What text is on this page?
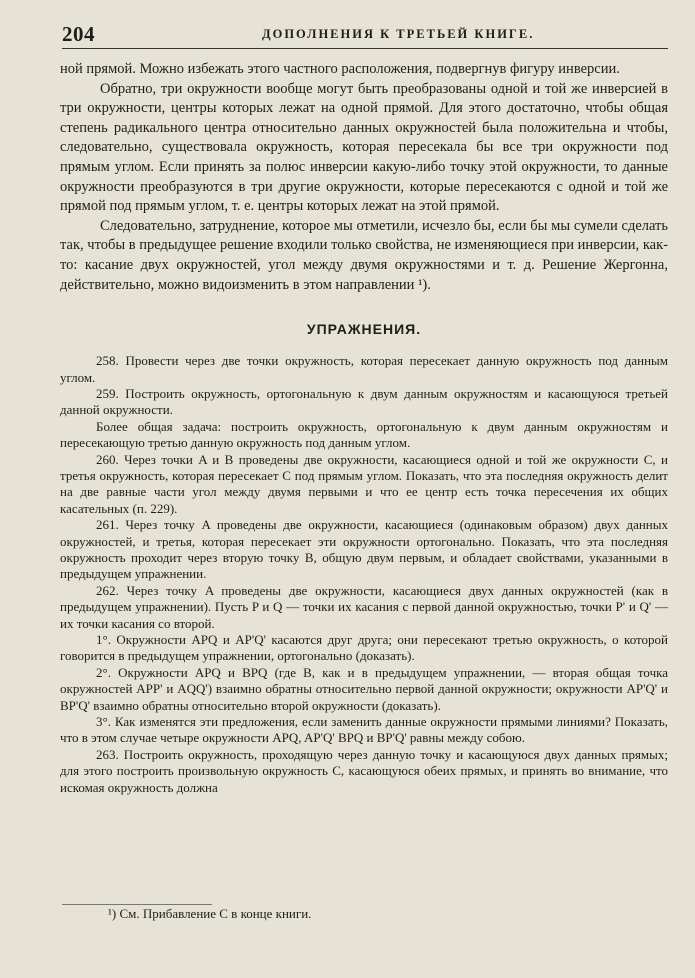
204	ДОПОЛНЕНИЯ К ТРЕТЬЕЙ КНИГЕ.

ной прямой. Можно избежать этого частного расположения, подвергнув фигуру инверсии.

Обратно, три окружности вообще могут быть преобразованы одной и той же инверсией в три окружности, центры которых лежат на одной прямой. Для этого достаточно, чтобы общая степень радикального центра относительно данных окружностей была положительна и чтобы, следовательно, существовала окружность, которая пересекала бы все три окружности под прямым углом. Если принять за полюс инверсии какую-либо точку этой окружности, то данные окружности преобразуются в три другие окружности, которые пересекаются с одной и той же прямой под прямым углом, т. е. центры которых лежат на этой прямой.

Следовательно, затруднение, которое мы отметили, исчезло бы, если бы мы сумели сделать так, чтобы в предыдущее решение входили только свойства, не изменяющиеся при инверсии, как-то: касание двух окружностей, угол между двумя окружностями и т. д. Решение Жергонна, действительно, можно видоизменить в этом направлении ¹).

УПРАЖНЕНИЯ.

258. Провести через две точки окружность, которая пересекает данную окружность под данным углом.

259. Построить окружность, ортогональную к двум данным окружностям и касающуюся третьей данной окружности.

Более общая задача: построить окружность, ортогональную к двум данным окружностям и пересекающую третью данную окружность под данным углом.

260. Через точки A и B проведены две окружности, касающиеся одной и той же окружности C, и третья окружность, которая пересекает C под прямым углом. Показать, что эта последняя окружность делит на две равные части угол между двумя первыми и что ее центр есть точка пересечения их общих касательных (п. 229).

261. Через точку A проведены две окружности, касающиеся (одинаковым образом) двух данных окружностей, и третья, которая пересекает эти окружности ортогонально. Показать, что эта последняя окружность проходит через вторую точку B, общую двум первым, и обладает свойствами, указанными в предыдущем упражнении.

262. Через точку A проведены две окружности, касающиеся двух данных окружностей (как в предыдущем упражнении). Пусть P и Q — точки их касания с первой данной окружностью, точки P' и Q' — их точки касания со второй.

1°. Окружности APQ и AP'Q' касаются друг друга; они пересекают третью окружность, о которой говорится в предыдущем упражнении, ортогонально (доказать).

2°. Окружности APQ и BPQ (где B, как и в предыдущем упражнении, — вторая общая точка окружностей APP' и AQQ') взаимно обратны относительно первой данной окружности; окружности AP'Q' и BP'Q' взаимно обратны относительно второй окружности (доказать).

3°. Как изменятся эти предложения, если заменить данные окружности прямыми линиями? Показать, что в этом случае четыре окружности APQ, AP'Q' BPQ и BP'Q' равны между собою.

263. Построить окружность, проходящую через данную точку и касающуюся двух данных прямых; для этого построить произвольную окружность C, касающуюся обеих прямых, и принять во внимание, что искомая окружность должна

¹) См. Прибавление C в конце книги.
